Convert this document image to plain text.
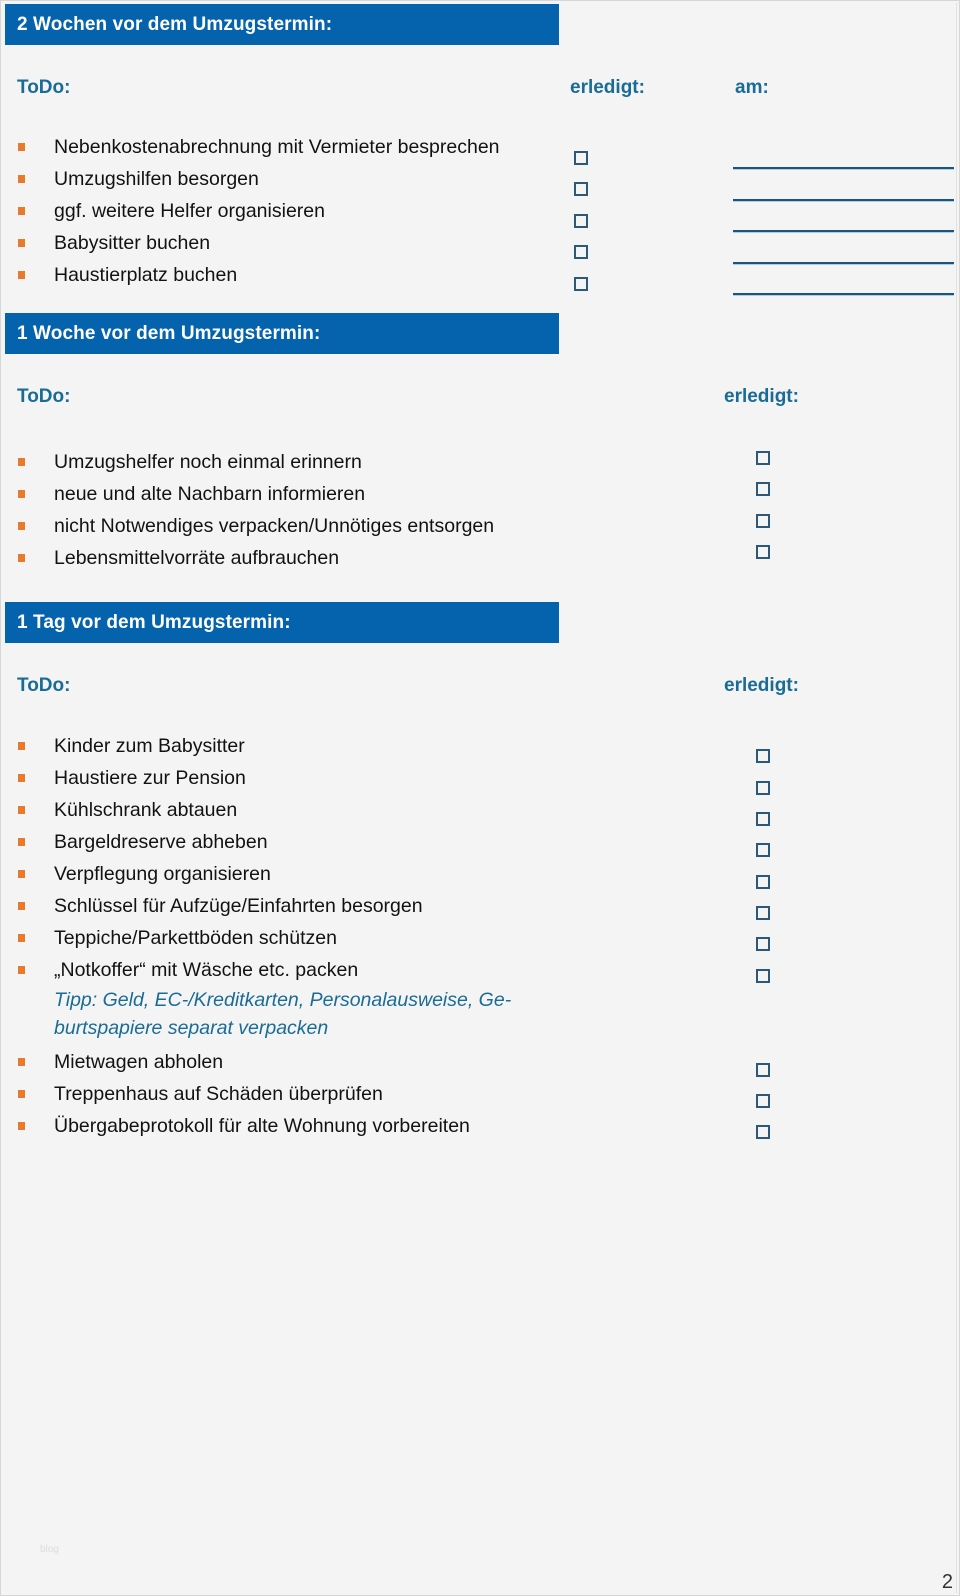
2 Wochen vor dem Umzugstermin:
ToDo:	erledigt:	am:
Nebenkostenabrechnung mit Vermieter besprechen
Umzugshilfen besorgen
ggf. weitere Helfer organisieren
Babysitter buchen
Haustierplatz buchen
1 Woche vor dem Umzugstermin:
ToDo:	erledigt:
Umzugshelfer noch einmal erinnern
neue und alte Nachbarn informieren
nicht Notwendiges verpacken/Unnötiges entsorgen
Lebensmittelvorräte aufbrauchen
1 Tag vor dem Umzugstermin:
ToDo:	erledigt:
Kinder zum Babysitter
Haustiere zur Pension
Kühlschrank abtauen
Bargeldreserve abheben
Verpflegung organisieren
Schlüssel für Aufzüge/Einfahrten besorgen
Teppiche/Parkettböden schützen
„Notkoffer“ mit Wäsche etc. packen
Tipp: Geld, EC-/Kreditkarten, Personalausweise, Ge-
burtspapiere separat verpacken
Mietwagen abholen
Treppenhaus auf Schäden überprüfen
Übergabeprotokoll für alte Wohnung vorbereiten
blog
2
